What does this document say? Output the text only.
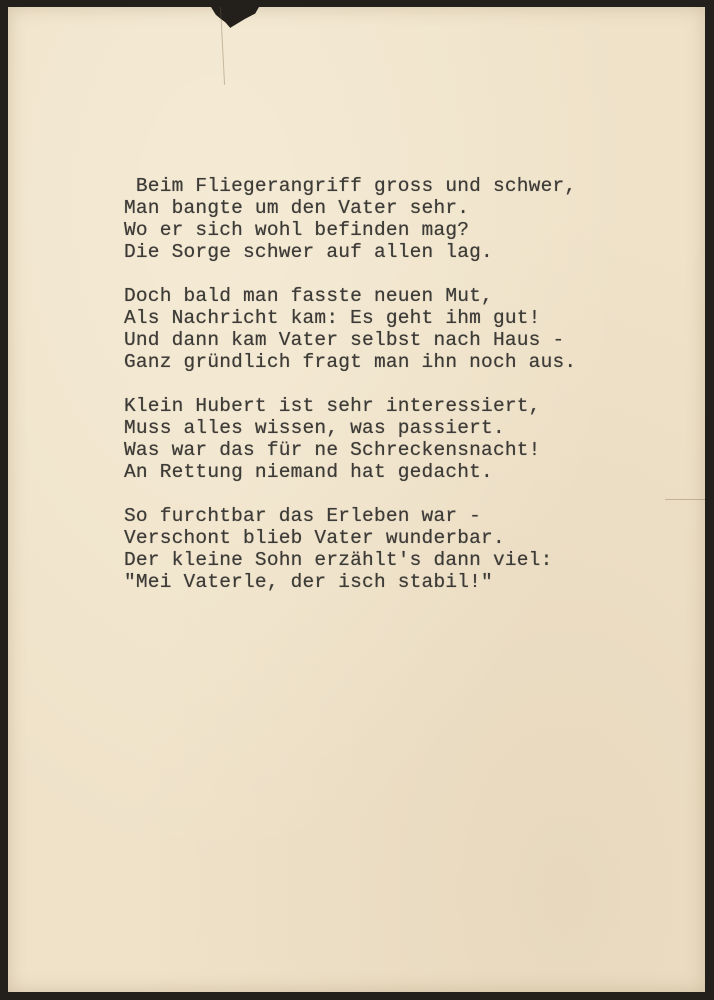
Beim Fliegerangriff gross und schwer,
Man bangte um den Vater sehr.
Wo er sich wohl befinden mag?
Die Sorge schwer auf allen lag.
Doch bald man fasste neuen Mut,
Als Nachricht kam: Es geht ihm gut!
Und dann kam Vater selbst nach Haus -
Ganz gründlich fragt man ihn noch aus.
Klein Hubert ist sehr interessiert,
Muss alles wissen, was passiert.
Was war das für ne Schreckensnacht!
An Rettung niemand hat gedacht.
So furchtbar das Erleben war -
Verschont blieb Vater wunderbar.
Der kleine Sohn erzählt's dann viel:
"Mei Vaterle, der isch stabil!"
